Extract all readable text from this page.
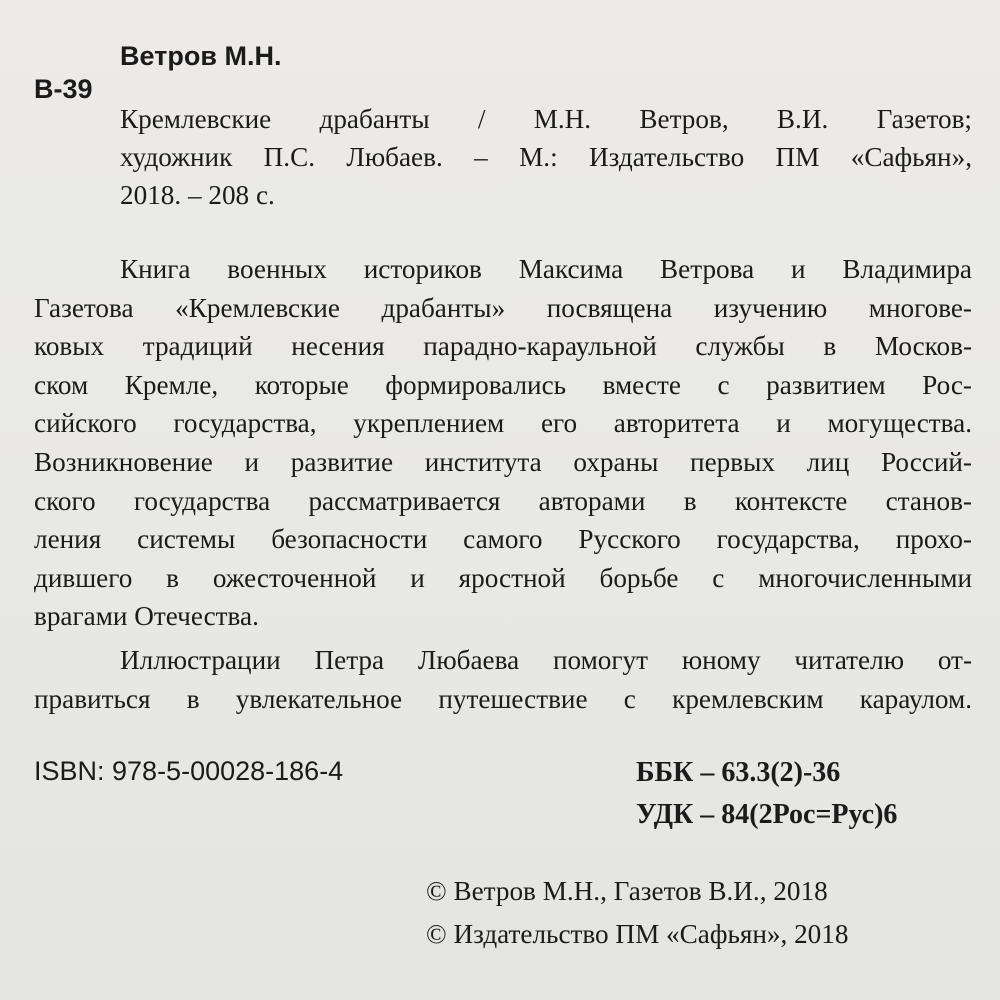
Ветров М.Н.
В-39
Кремлевские драбанты / М.Н. Ветров, В.И. Газетов;
художник П.С. Любаев. – М.: Издательство ПМ «Сафьян»,
2018. – 208 с.
Книга военных историков Максима Ветрова и Владимира
Газетова «Кремлевские драбанты» посвящена изучению многове-
ковых традиций несения парадно-караульной службы в Москов-
ском Кремле, которые формировались вместе с развитием Рос-
сийского государства, укреплением его авторитета и могущества.
Возникновение и развитие института охраны первых лиц Россий-
ского государства рассматривается авторами в контексте станов-
ления системы безопасности самого Русского государства, прохо-
дившего в ожесточенной и яростной борьбе с многочисленными
врагами Отечества.
Иллюстрации Петра Любаева помогут юному читателю от-
правиться в увлекательное путешествие с кремлевским караулом.
ISBN: 978-5-00028-186-4	ББК – 63.3(2)-36
УДК – 84(2Рос=Рус)6
© Ветров М.Н., Газетов В.И., 2018
© Издательство ПМ «Сафьян», 2018
